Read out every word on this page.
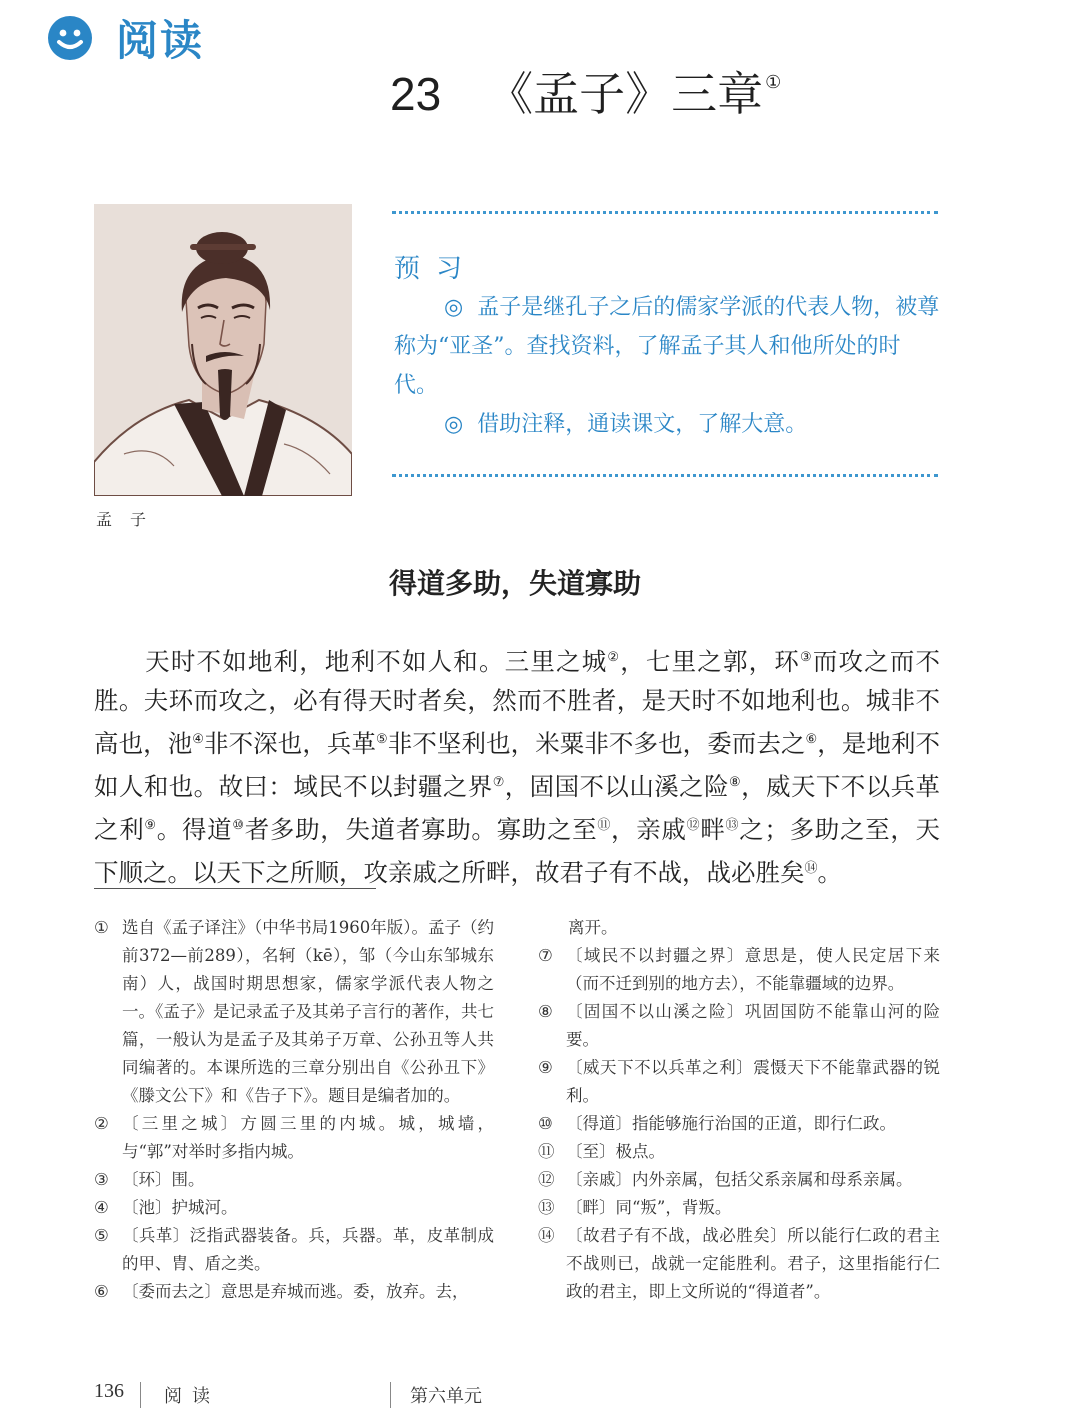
阅读
23 《孟子》三章 ①
孟子
预习

◎ 孟子是继孔子之后的儒家学派的代表人物，被尊称为“亚圣”。查找资料，了解孟子其人和他所处的时代。

◎ 借助注释，通读课文，了解大意。

得道多助，失道寡助
天时不如地利，地利不如人和。三里之城②，七里之郭，环③而攻之而不胜。夫环而攻之，必有得天时者矣，然而不胜者，是天时不如地利也。城非不高也，池④非不深也，兵革⑤非不坚利也，米粟非不多也，委而去之⑥，是地利不如人和也。故曰：域民不以封疆之界⑦，固国不以山溪之险⑧，威天下不以兵革之利⑨。得道⑩者多助，失道者寡助。寡助之至⑪，亲戚⑫畔⑬之；多助之至，天下顺之。以天下之所顺，攻亲戚之所畔，故君子有不战，战必胜矣⑭。
① 选自《孟子译注》（中华书局1960年版）。孟子（约前372—前289），名轲（kē），邹（今山东邹城东南）人，战国时期思想家，儒家学派代表人物之一。《孟子》是记录孟子及其弟子言行的著作，共七篇，一般认为是孟子及其弟子万章、公孙丑等人共同编著的。本课所选的三章分别出自《公孙丑下》《滕文公下》和《告子下》。题目是编者加的。
② 〔三里之城〕方圆三里的内城。城，城墙，与“郭”对举时多指内城。
③ 〔环〕围。
④ 〔池〕护城河。
⑤ 〔兵革〕泛指武器装备。兵，兵器。革，皮革制成的甲、胄、盾之类。
⑥ 〔委而去之〕意思是弃城而逃。委，放弃。去，
离开。
⑦ 〔域民不以封疆之界〕意思是，使人民定居下来（而不迁到别的地方去），不能靠疆域的边界。
⑧ 〔固国不以山溪之险〕巩固国防不能靠山河的险要。
⑨ 〔威天下不以兵革之利〕震慑天下不能靠武器的锐利。
⑩ 〔得道〕指能够施行治国的正道，即行仁政。
⑪ 〔至〕极点。
⑫ 〔亲戚〕内外亲属，包括父系亲属和母系亲属。
⑬ 〔畔〕同“叛”，背叛。
⑭ 〔故君子有不战，战必胜矣〕所以能行仁政的君主不战则已，战就一定能胜利。君子，这里指能行仁政的君主，即上文所说的“得道者”。
136 阅读	第六单元
